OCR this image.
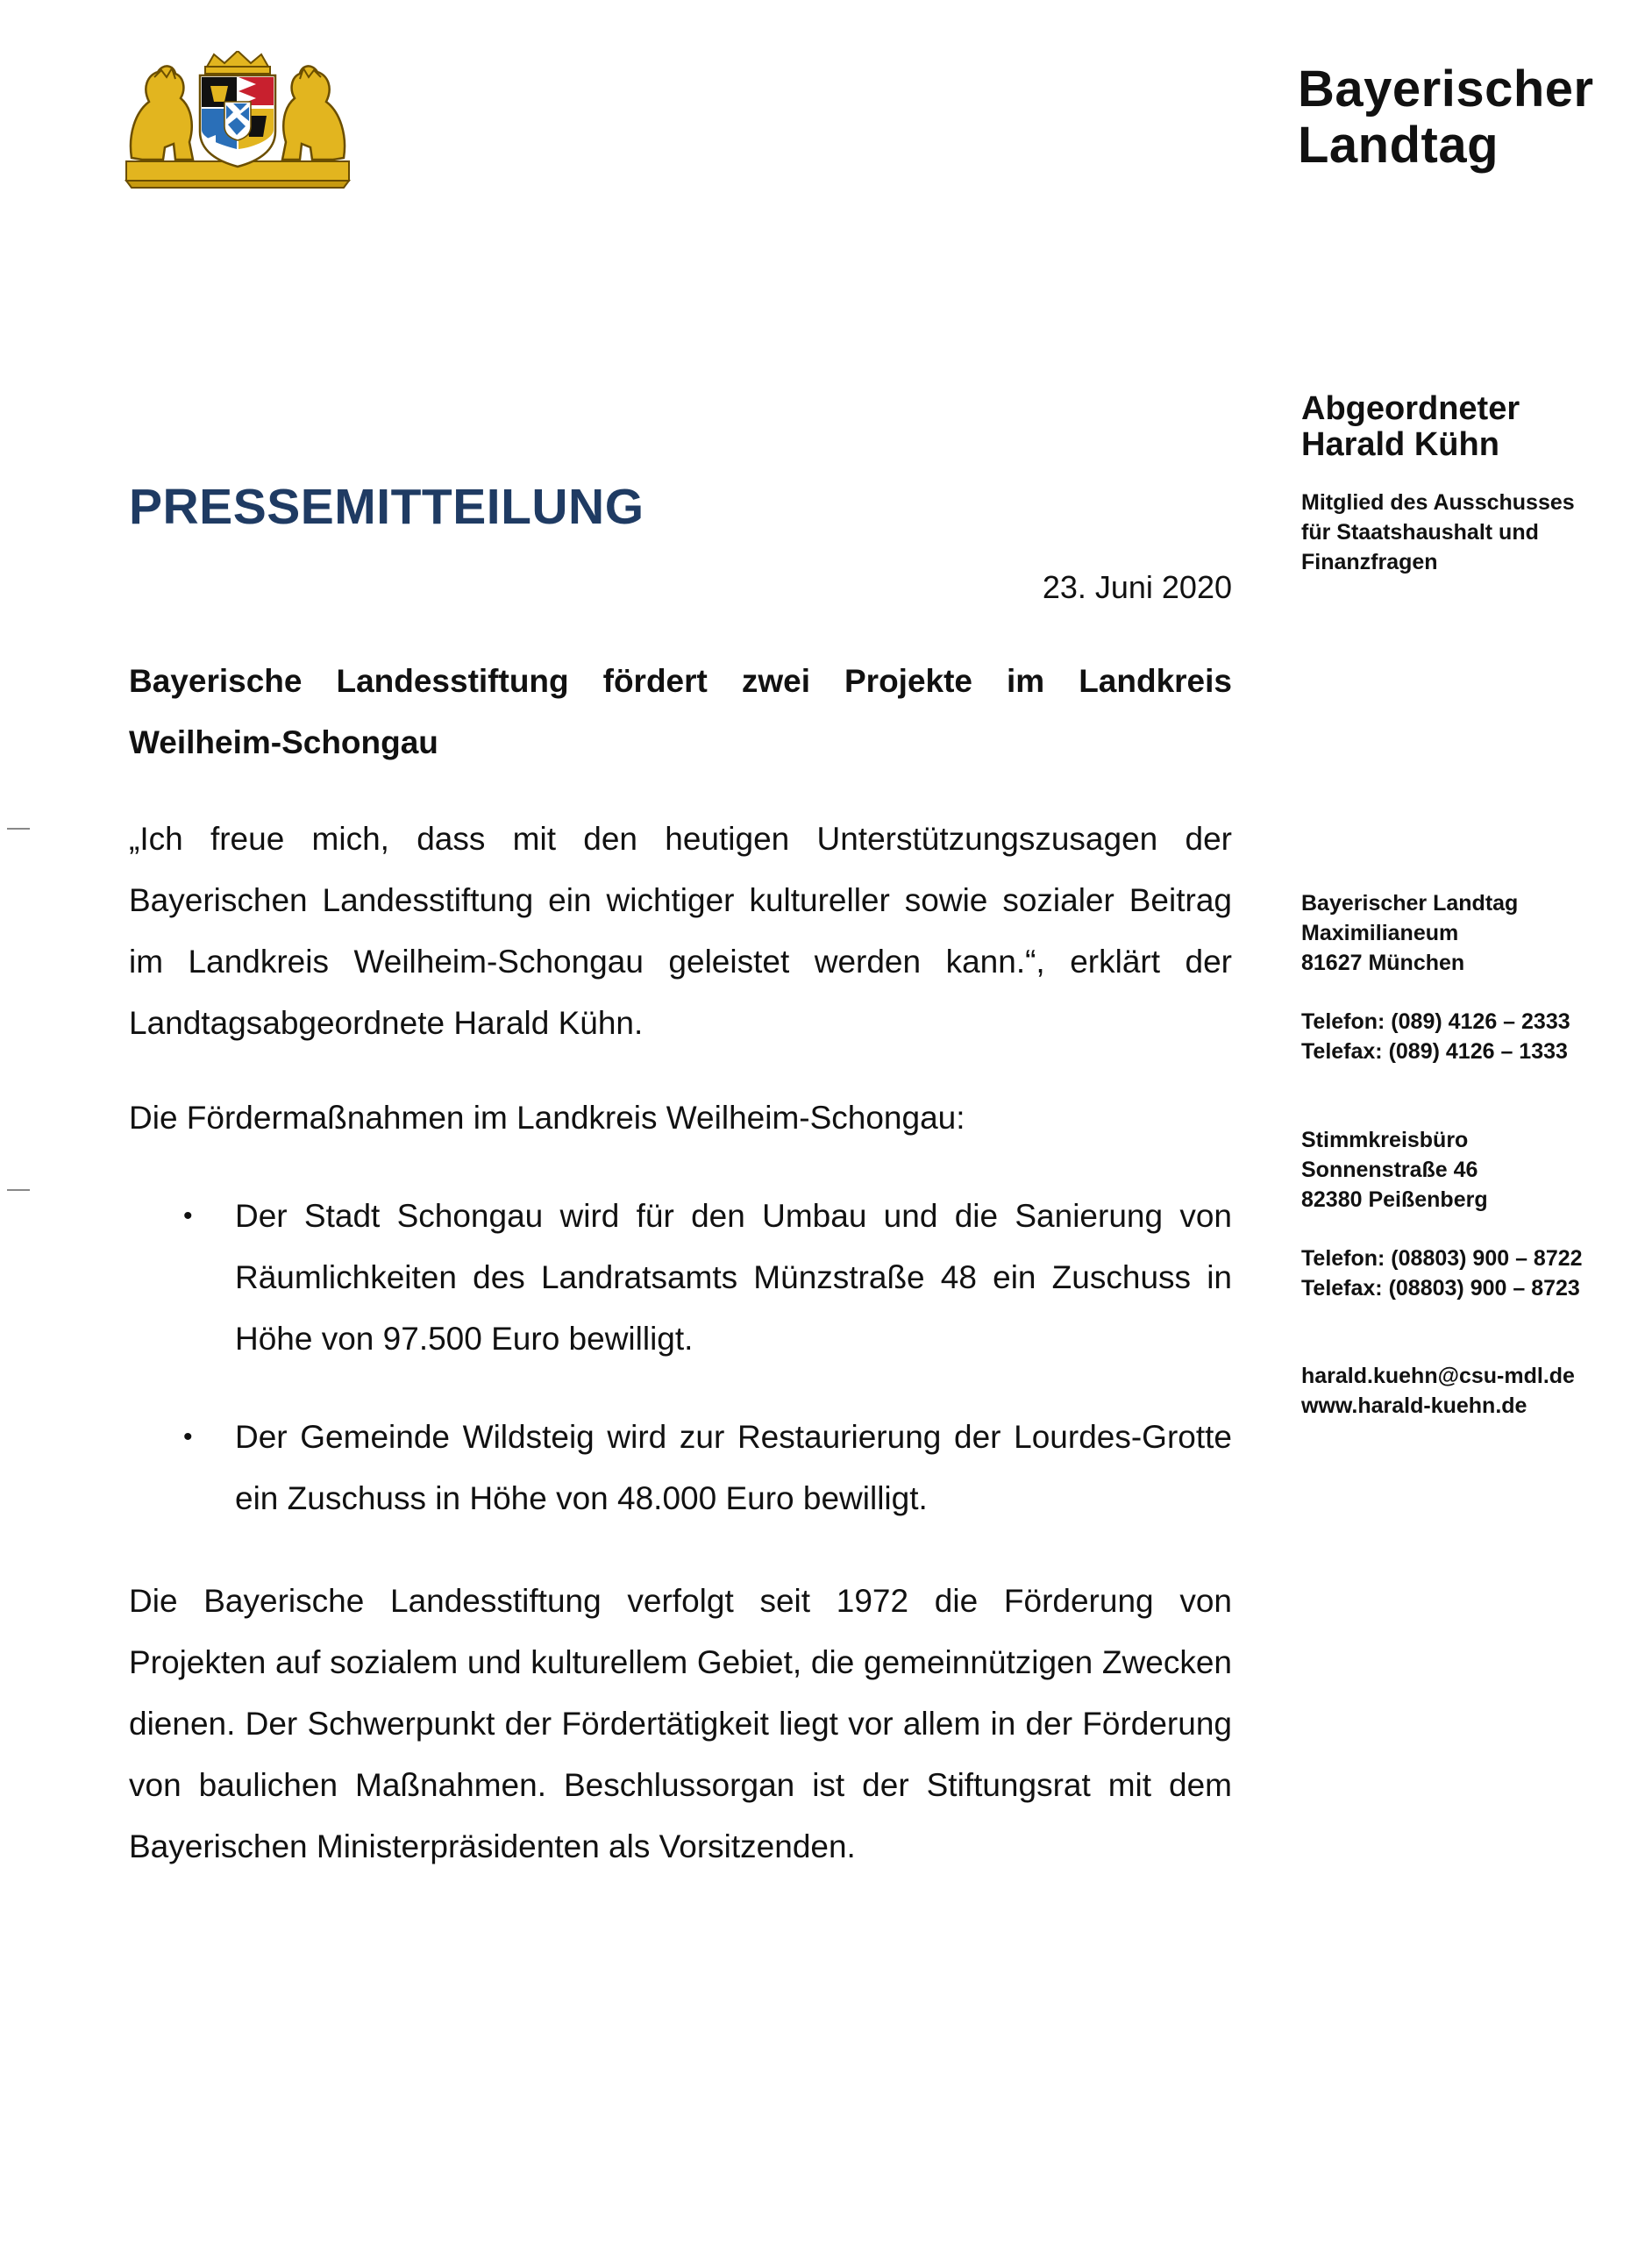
Bayerischer
Landtag
Abgeordneter
Harald Kühn
Mitglied des Ausschusses
für Staatshaushalt und
Finanzfragen
Bayerischer Landtag
Maximilianeum
81627 München
Telefon: (089) 4126 – 2333
Telefax: (089) 4126 – 1333
Stimmkreisbüro
Sonnenstraße 46
82380 Peißenberg
Telefon: (08803) 900 – 8722
Telefax: (08803) 900 – 8723
harald.kuehn@csu-mdl.de
www.harald-kuehn.de
PRESSEMITTEILUNG
23. Juni 2020
Bayerische Landesstiftung fördert zwei Projekte im Landkreis Weilheim-Schongau

„Ich freue mich, dass mit den heutigen Unterstützungszusagen der Bayerischen Landesstiftung ein wichtiger kultureller sowie sozialer Beitrag im Landkreis Weilheim-Schongau geleistet werden kann.“, erklärt der Landtagsabgeordnete Harald Kühn.

Die Fördermaßnahmen im Landkreis Weilheim-Schongau:

• Der Stadt Schongau wird für den Umbau und die Sanierung von Räumlichkeiten des Landratsamts Münzstraße 48 ein Zuschuss in Höhe von 97.500 Euro bewilligt.
• Der Gemeinde Wildsteig wird zur Restaurierung der Lourdes-Grotte ein Zuschuss in Höhe von 48.000 Euro bewilligt.

Die Bayerische Landesstiftung verfolgt seit 1972 die Förderung von Projekten auf sozialem und kulturellem Gebiet, die gemeinnützigen Zwecken dienen. Der Schwerpunkt der Fördertätigkeit liegt vor allem in der Förderung von baulichen Maßnahmen. Beschlussorgan ist der Stiftungsrat mit dem Bayerischen Ministerpräsidenten als Vorsitzenden.
